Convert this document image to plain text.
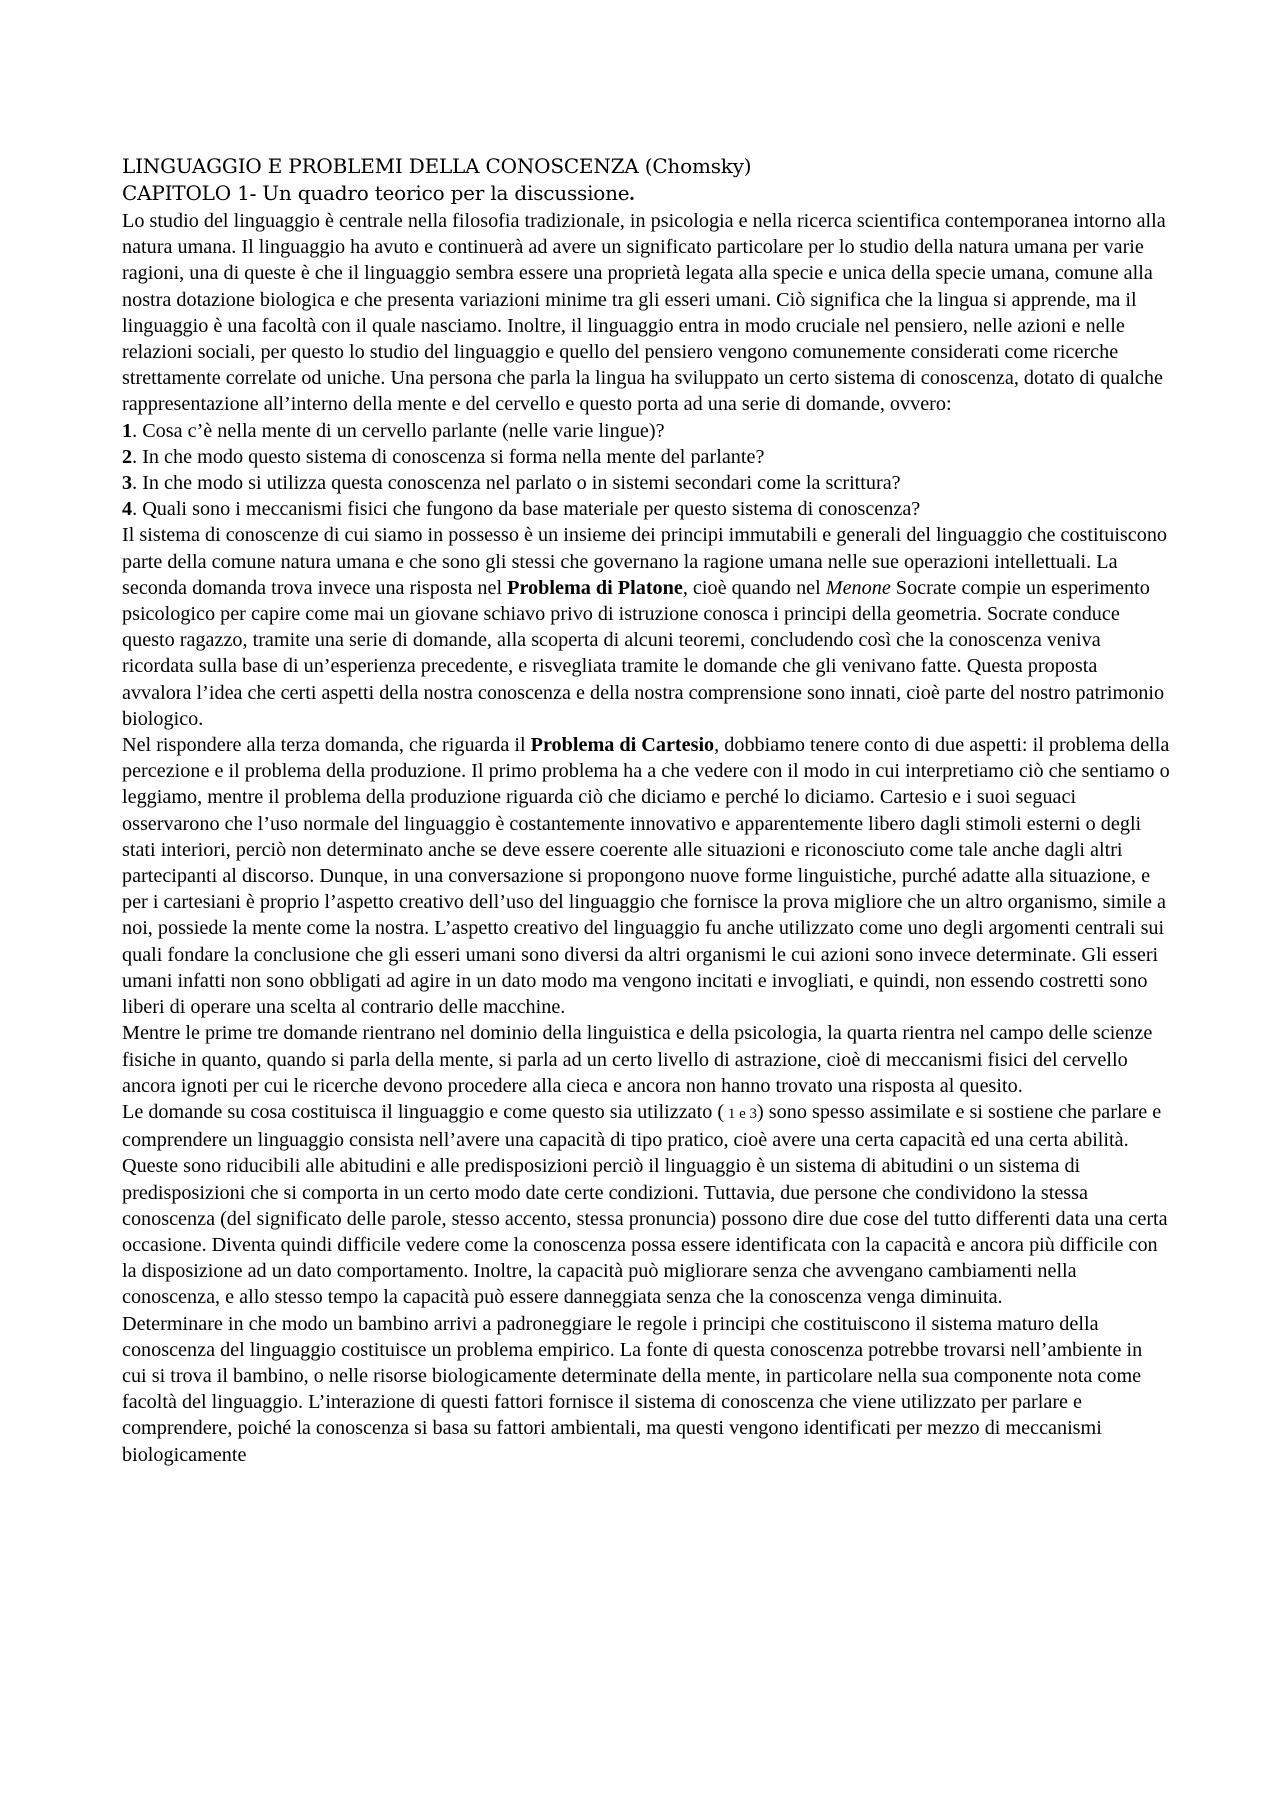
LINGUAGGIO E PROBLEMI DELLA CONOSCENZA (Chomsky)
CAPITOLO 1- Un quadro teorico per la discussione.

Lo studio del linguaggio è centrale nella filosofia tradizionale, in psicologia e nella ricerca scientifica contemporanea intorno alla natura umana. Il linguaggio ha avuto e continuerà ad avere un significato particolare per lo studio della natura umana per varie ragioni, una di queste è che il linguaggio sembra essere una proprietà legata alla specie e unica della specie umana, comune alla nostra dotazione biologica e che presenta variazioni minime tra gli esseri umani. Ciò significa che la lingua si apprende, ma il linguaggio è una facoltà con il quale nasciamo. Inoltre, il linguaggio entra in modo cruciale nel pensiero, nelle azioni e nelle relazioni sociali, per questo lo studio del linguaggio e quello del pensiero vengono comunemente considerati come ricerche strettamente correlate od uniche. Una persona che parla la lingua ha sviluppato un certo sistema di conoscenza, dotato di qualche rappresentazione all’interno della mente e del cervello e questo porta ad una serie di domande, ovvero:

1. Cosa c’è nella mente di un cervello parlante (nelle varie lingue)?

2. In che modo questo sistema di conoscenza si forma nella mente del parlante?

3. In che modo si utilizza questa conoscenza nel parlato o in sistemi secondari come la scrittura?

4. Quali sono i meccanismi fisici che fungono da base materiale per questo sistema di conoscenza?

Il sistema di conoscenze di cui siamo in possesso è un insieme dei principi immutabili e generali del linguaggio che costituiscono parte della comune natura umana e che sono gli stessi che governano la ragione umana nelle sue operazioni intellettuali. La seconda domanda trova invece una risposta nel Problema di Platone, cioè quando nel Menone Socrate compie un esperimento psicologico per capire come mai un giovane schiavo privo di istruzione conosca i principi della geometria. Socrate conduce questo ragazzo, tramite una serie di domande, alla scoperta di alcuni teoremi, concludendo così che la conoscenza veniva ricordata sulla base di un’esperienza precedente, e risvegliata tramite le domande che gli venivano fatte. Questa proposta avvalora l’idea che certi aspetti della nostra conoscenza e della nostra comprensione sono innati, cioè parte del nostro patrimonio biologico.

Nel rispondere alla terza domanda, che riguarda il Problema di Cartesio, dobbiamo tenere conto di due aspetti: il problema della percezione e il problema della produzione. Il primo problema ha a che vedere con il modo in cui interpretiamo ciò che sentiamo o leggiamo, mentre il problema della produzione riguarda ciò che diciamo e perché lo diciamo. Cartesio e i suoi seguaci osservarono che l’uso normale del linguaggio è costantemente innovativo e apparentemente libero dagli stimoli esterni o degli stati interiori, perciò non determinato anche se deve essere coerente alle situazioni e riconosciuto come tale anche dagli altri partecipanti al discorso. Dunque, in una conversazione si propongono nuove forme linguistiche, purché adatte alla situazione, e per i cartesiani è proprio l’aspetto creativo dell’uso del linguaggio che fornisce la prova migliore che un altro organismo, simile a noi, possiede la mente come la nostra. L’aspetto creativo del linguaggio fu anche utilizzato come uno degli argomenti centrali sui quali fondare la conclusione che gli esseri umani sono diversi da altri organismi le cui azioni sono invece determinate. Gli esseri umani infatti non sono obbligati ad agire in un dato modo ma vengono incitati e invogliati, e quindi, non essendo costretti sono liberi di operare una scelta al contrario delle macchine.

Mentre le prime tre domande rientrano nel dominio della linguistica e della psicologia, la quarta rientra nel campo delle scienze fisiche in quanto, quando si parla della mente, si parla ad un certo livello di astrazione, cioè di meccanismi fisici del cervello ancora ignoti per cui le ricerche devono procedere alla cieca e ancora non hanno trovato una risposta al quesito.

Le domande su cosa costituisca il linguaggio e come questo sia utilizzato ( 1 e 3) sono spesso assimilate e si sostiene che parlare e comprendere un linguaggio consista nell’avere una capacità di tipo pratico, cioè avere una certa capacità ed una certa abilità. Queste sono riducibili alle abitudini e alle predisposizioni perciò il linguaggio è un sistema di abitudini o un sistema di predisposizioni che si comporta in un certo modo date certe condizioni. Tuttavia, due persone che condividono la stessa conoscenza (del significato delle parole, stesso accento, stessa pronuncia) possono dire due cose del tutto differenti data una certa occasione. Diventa quindi difficile vedere come la conoscenza possa essere identificata con la capacità e ancora più difficile con la disposizione ad un dato comportamento. Inoltre, la capacità può migliorare senza che avvengano cambiamenti nella conoscenza, e allo stesso tempo la capacità può essere danneggiata senza che la conoscenza venga diminuita.

Determinare in che modo un bambino arrivi a padroneggiare le regole i principi che costituiscono il sistema maturo della conoscenza del linguaggio costituisce un problema empirico. La fonte di questa conoscenza potrebbe trovarsi nell’ambiente in cui si trova il bambino, o nelle risorse biologicamente determinate della mente, in particolare nella sua componente nota come facoltà del linguaggio. L’interazione di questi fattori fornisce il sistema di conoscenza che viene utilizzato per parlare e comprendere, poiché la conoscenza si basa su fattori ambientali, ma questi vengono identificati per mezzo di meccanismi biologicamente
